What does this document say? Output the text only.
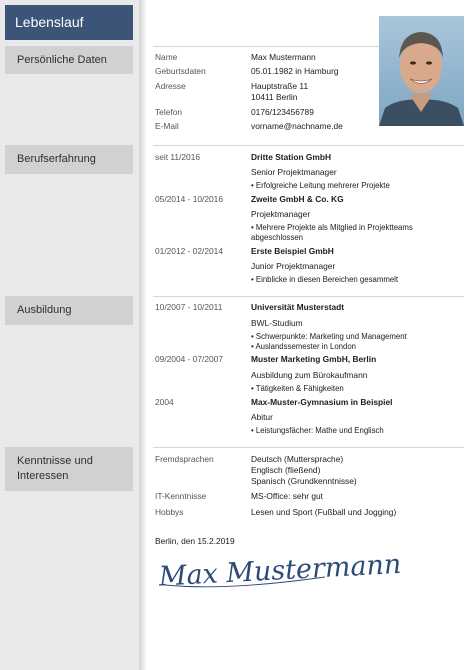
Lebenslauf
Persönliche Daten
Berufserfahrung
Ausbildung
Kenntnisse und Interessen
Name	Max Mustermann
Geburtsdaten	05.01.1982 in Hamburg
Adresse	Hauptstraße 11
10411 Berlin
Telefon	0176/123456789
E-Mail	vorname@nachname.de
seit 11/2016	Dritte Station GmbH
Senior Projektmanager
• Erfolgreiche Leitung mehrerer Projekte
05/2014 - 10/2016	Zweite GmbH & Co. KG
Projektmanager
• Mehrere Projekte als Mitglied in Projektteams
abgeschlossen
01/2012 - 02/2014	Erste Beispiel GmbH
Junior Projektmanager
• Einblicke in diesen Bereichen gesammelt
10/2007 - 10/2011	Universität Musterstadt
BWL-Studium
• Schwerpunkte: Marketing und Management
• Auslandssemester in London
09/2004 - 07/2007	Muster Marketing GmbH, Berlin
Ausbildung zum Bürokaufmann
• Tätigkeiten & Fähigkeiten
2004	Max-Muster-Gymnasium in Beispiel
Abitur
• Leistungsfächer: Mathe und Englisch
Fremdsprachen	Deutsch (Muttersprache)
Englisch (fließend)
Spanisch (Grundkenntnisse)
IT-Kenntnisse	MS-Office: sehr gut
Hobbys	Lesen und Sport (Fußball und Jogging)
Berlin, den 15.2.2019
Max Mustermann
